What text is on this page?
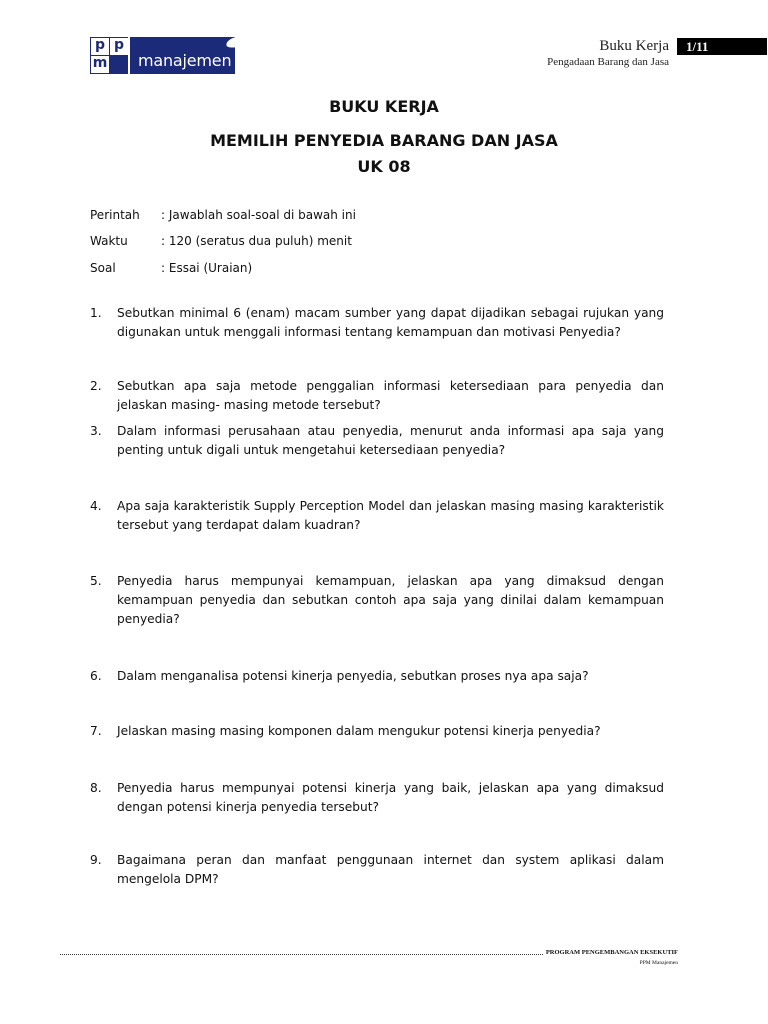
p p
m manajemen
Buku Kerja	1/11
Pengadaan Barang dan Jasa
BUKU KERJA
MEMILIH PENYEDIA BARANG DAN JASA
UK 08
Perintah : Jawablah soal-soal di bawah ini
Waktu	: 120 (seratus dua puluh) menit
Soal	: Essai (Uraian)
1. Sebutkan minimal 6 (enam) macam sumber yang dapat dijadikan sebagai rujukan yang digunakan untuk menggali informasi tentang kemampuan dan motivasi Penyedia?
2. Sebutkan apa saja metode penggalian informasi ketersediaan para penyedia dan jelaskan masing- masing metode tersebut?
3. Dalam informasi perusahaan atau penyedia, menurut anda informasi apa saja yang penting untuk digali untuk mengetahui ketersediaan penyedia?
4. Apa saja karakteristik Supply Perception Model dan jelaskan masing masing karakteristik tersebut yang terdapat dalam kuadran?
5. Penyedia harus mempunyai kemampuan, jelaskan apa yang dimaksud dengan kemampuan penyedia dan sebutkan contoh apa saja yang dinilai dalam kemampuan penyedia?
6. Dalam menganalisa potensi kinerja penyedia, sebutkan proses nya apa saja?
7. Jelaskan masing masing komponen dalam mengukur potensi kinerja penyedia?
8. Penyedia harus mempunyai potensi kinerja yang baik, jelaskan apa yang dimaksud dengan potensi kinerja penyedia tersebut?
9. Bagaimana peran dan manfaat penggunaan internet dan system aplikasi dalam mengelola DPM?
PROGRAM PENGEMBANGAN EKSEKUTIF
PPM Manajemen
